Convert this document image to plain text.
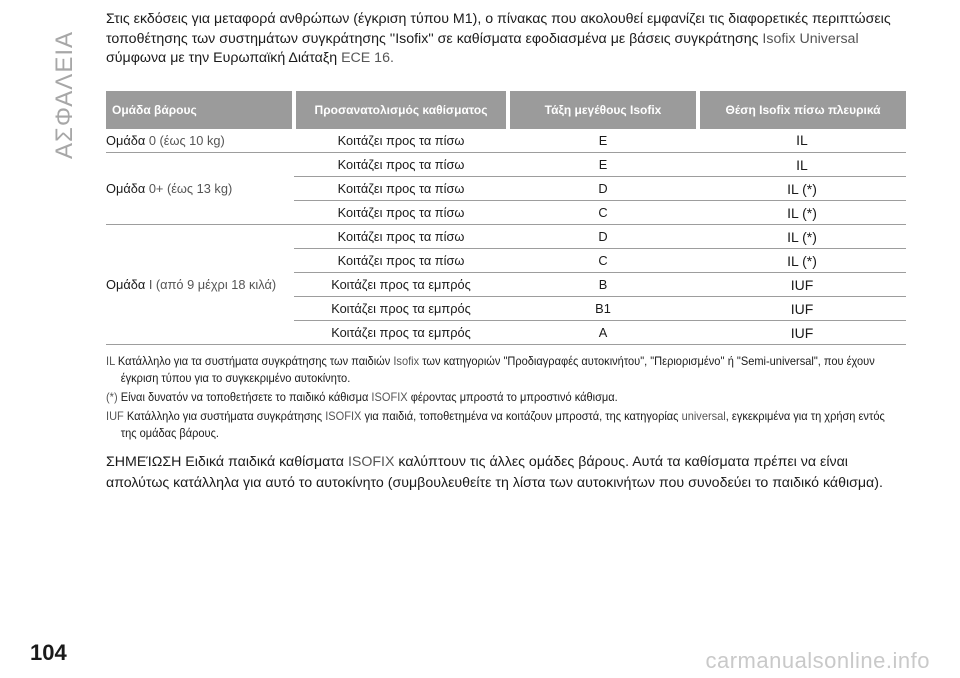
ΑΣΦΑΛΕΙΑ

Στις εκδόσεις για μεταφορά ανθρώπων (έγκριση τύπου Μ1), ο πίνακας που ακολουθεί εμφανίζει τις διαφορετικές περιπτώσεις τοποθέτησης των συστημάτων συγκράτησης ''Isofix'' σε καθίσματα εφοδιασμένα με βάσεις συγκράτησης Isofix Universal σύμφωνα με την Ευρωπαϊκή Διάταξη ECE 16.

Ομάδα βάρους	Προσανατολισμός καθίσματος	Τάξη μεγέθους Isofix	Θέση Isofix πίσω πλευρικά
Ομάδα 0 (έως 10 kg)	Κοιτάζει προς τα πίσω	E	IL
Ομάδα 0+ (έως 13 kg)	Κοιτάζει προς τα πίσω	E	IL
	Κοιτάζει προς τα πίσω	D	IL (*)
	Κοιτάζει προς τα πίσω	C	IL (*)
Ομάδα I (από 9 μέχρι 18 κιλά)	Κοιτάζει προς τα πίσω	D	IL (*)
	Κοιτάζει προς τα πίσω	C	IL (*)
	Κοιτάζει προς τα εμπρός	B	IUF
	Κοιτάζει προς τα εμπρός	B1	IUF
	Κοιτάζει προς τα εμπρός	A	IUF
IL Κατάλληλο για τα συστήματα συγκράτησης των παιδιών Isofix των κατηγοριών "Προδιαγραφές αυτοκινήτου", "Περιορισμένο'' ή "Semi-universal", που έχουν
έγκριση τύπου για το συγκεκριμένο αυτοκίνητο.
(*) Είναι δυνατόν να τοποθετήσετε το παιδικό κάθισμα ISOFIX φέροντας μπροστά το μπροστινό κάθισμα.
IUF Κατάλληλο για συστήματα συγκράτησης ISOFIX για παιδιά, τοποθετημένα να κοιτάζουν μπροστά, της κατηγορίας universal, εγκεκριμένα για τη χρήση εντός
της ομάδας βάρους.

ΣΗΜΕΊΩΣΗ Ειδικά παιδικά καθίσματα ISOFIX καλύπτουν τις άλλες ομάδες βάρους. Αυτά τα καθίσματα πρέπει να είναι απολύτως κατάλληλα για αυτό το αυτοκίνητο (συμβουλευθείτε τη λίστα των αυτοκινήτων που συνοδεύει το παιδικό κάθισμα).

104	carmanualsonline.info
